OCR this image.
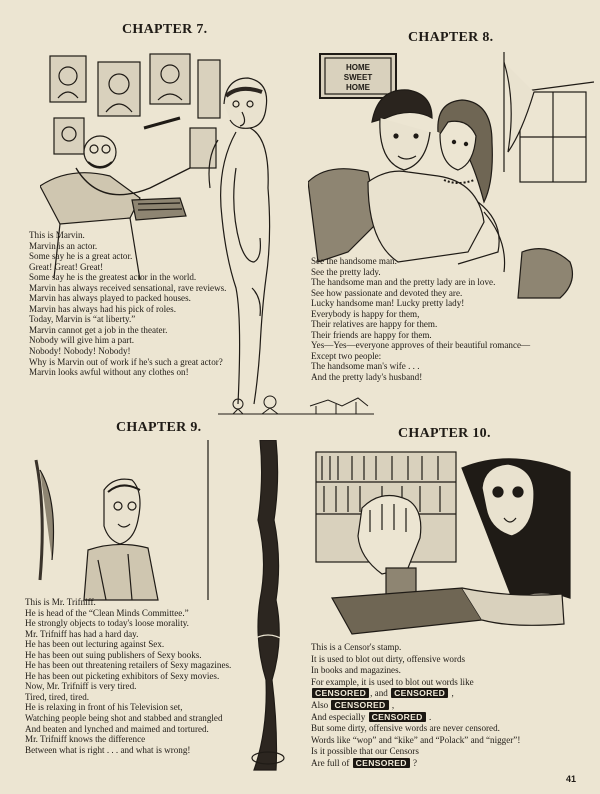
CHAPTER 7.
This is Marvin.
Marvin is an actor.
Some say he is a great actor.
Great! Great! Great!
Some say he is the greatest actor in the world.
Marvin has always received sensational, rave reviews.
Marvin has always played to packed houses.
Marvin has always had his pick of roles.
Today, Marvin is “at liberty.”
Marvin cannot get a job in the theater.
Nobody will give him a part.
Nobody! Nobody! Nobody!
Why is Marvin out of work if he's such a great actor?
Marvin looks awful without any clothes on!
CHAPTER 8.
HOME
SWEET
HOME
See the handsome man.
See the pretty lady.
The handsome man and the pretty lady are in love.
See how passionate and devoted they are.
Lucky handsome man! Lucky pretty lady!
Everybody is happy for them,
Their relatives are happy for them.
Their friends are happy for them.
Yes—Yes—everyone approves of their beautiful romance—
Except two people:
The handsome man's wife . . .
And the pretty lady's husband!
CHAPTER 9.
This is Mr. Trifniff.
He is head of the “Clean Minds Committee.”
He strongly objects to today's loose morality.
Mr. Trifniff has had a hard day.
He has been out lecturing against Sex.
He has been out suing publishers of Sexy books.
He has been out threatening retailers of Sexy magazines.
He has been out picketing exhibitors of Sexy movies.
Now, Mr. Trifniff is very tired.
Tired, tired, tired.
He is relaxing in front of his Television set,
Watching people being shot and stabbed and strangled
And beaten and lynched and maimed and tortured.
Mr. Trifniff knows the difference
Between what is right . . . and what is wrong!
CHAPTER 10.
This is a Censor's stamp.
It is used to blot out dirty, offensive words
In books and magazines.
For example, it is used to blot out words like
CENSORED , and CENSORED ,
Also CENSORED ,
And especially CENSORED .
But some dirty, offensive words are never censored.
Words like “wop” and “kike” and “Polack” and “nigger”!
Is it possible that our Censors
Are full of CENSORED ?
41
